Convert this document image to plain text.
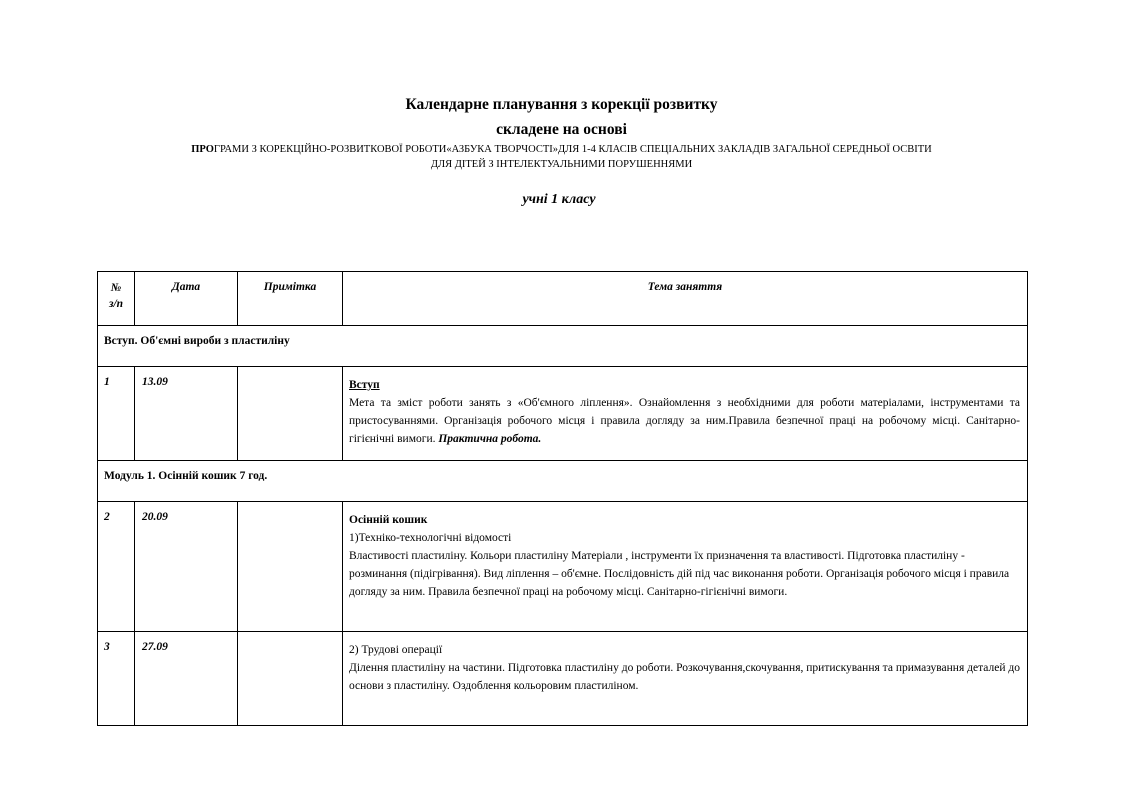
Календарне планування з корекції розвитку
складене на основі
ПРОГРАМИ З КОРЕКЦІЙНО-РОЗВИТКОВОЇ РОБОТИ«АЗБУКА ТВОРЧОСТІ»ДЛЯ 1-4 КЛАСІВ СПЕЦІАЛЬНИХ ЗАКЛАДІВ ЗАГАЛЬНОЇ СЕРЕДНЬОЇ ОСВІТИ
ДЛЯ ДІТЕЙ З ІНТЕЛЕКТУАЛЬНИМИ ПОРУШЕННЯМИ
учні 1 класу
№
з/п	Дата	Примітка	Тема заняття
Вступ. Об'ємні вироби з пластиліну			
1	13.09		Вступ
Мета та зміст роботи занять з «Об'ємного ліплення». Ознайомлення з необхідними для роботи матеріалами, інструментами та пристосуваннями. Організація робочого місця і правила догляду за ним.Правила безпечної праці на робочому місці. Санітарно-гігієнічні вимоги. Практична робота.

Модуль 1. Осінній кошик 7 год.			
2	20.09		Осінній кошик
1)Техніко-технологічні відомості
Властивості пластиліну. Кольори пластиліну Матеріали , інструменти їх призначення та властивості. Підготовка пластиліну - розминання (підігрівання). Вид ліплення – об'ємне. Послідовність дій під час виконання роботи. Організація робочого місця і правила догляду за ним. Правила безпечної праці на робочому місці. Санітарно-гігієнічні вимоги.

3	27.09		2) Трудові операції
Ділення пластиліну на частини. Підготовка пластиліну до роботи. Розкочування,скочування, притискування та примазування деталей до основи з пластиліну. Оздоблення кольоровим пластиліном.
